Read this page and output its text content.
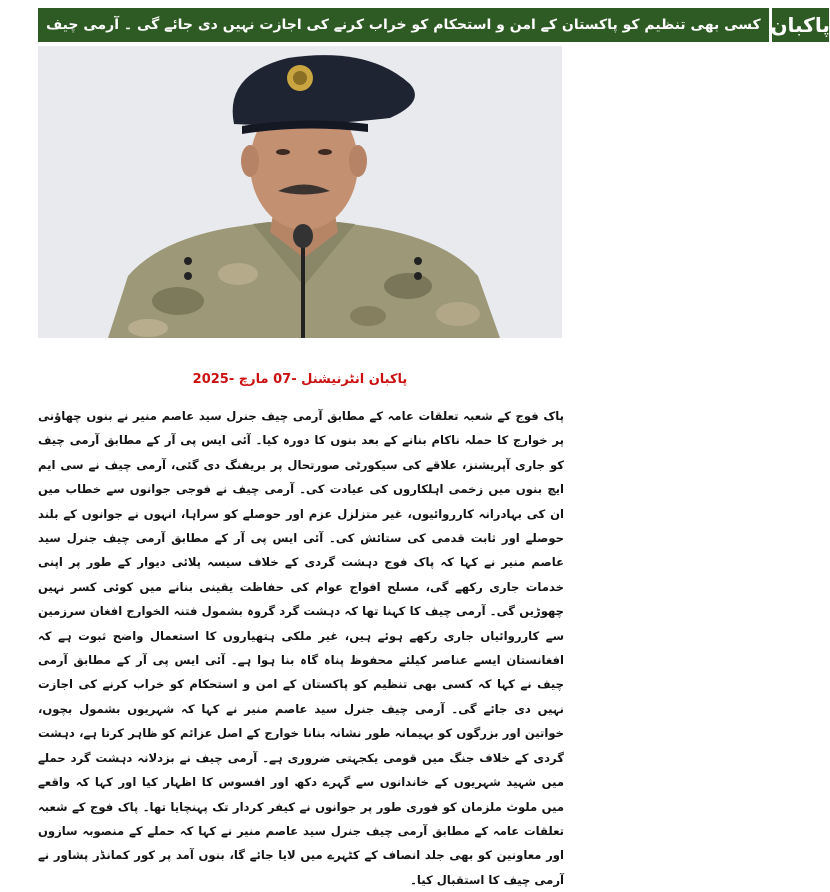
پاکبان
کسی بھی تنظیم کو پاکستان کے امن و استحکام کو خراب کرنے کی اجازت نہیں دی جائے گی ۔ آرمی چیف
پاکبان انٹرنیشنل -07 مارچ -2025
پاک فوج کے شعبہ تعلقات عامہ کے مطابق آرمی چیف جنرل سید عاصم منیر نے بنوں چھاؤنی پر خوارج کا حملہ ناکام بنانے کے بعد بنوں کا دورہ کیا۔ آئی ایس پی آر کے مطابق آرمی چیف کو جاری آپریشنز، علاقے کی سیکورٹی صورتحال پر بریفنگ دی گئی، آرمی چیف نے سی ایم ایچ بنوں میں زخمی اہلکاروں کی عیادت کی۔ آرمی چیف نے فوجی جوانوں سے خطاب میں ان کی بہادرانہ کارروائیوں، غیر متزلزل عزم اور حوصلے کو سراہا، انہوں نے جوانوں کے بلند حوصلے اور ثابت قدمی کی ستائش کی۔ آئی ایس پی آر کے مطابق آرمی چیف جنرل سید عاصم منیر نے کہا کہ پاک فوج دہشت گردی کے خلاف سیسہ پلائی دیوار کے طور پر اپنی خدمات جاری رکھے گی، مسلح افواج عوام کی حفاظت یقینی بنانے میں کوئی کسر نہیں چھوڑیں گی۔ آرمی چیف کا کہنا تھا کہ دہشت گرد گروہ بشمول فتنہ الخوارج افغان سرزمین سے کارروائیاں جاری رکھے ہوئے ہیں، غیر ملکی ہتھیاروں کا استعمال واضح ثبوت ہے کہ افغانستان ایسے عناصر کیلئے محفوظ پناہ گاہ بنا ہوا ہے۔ آئی ایس پی آر کے مطابق آرمی چیف نے کہا کہ کسی بھی تنظیم کو پاکستان کے امن و استحکام کو خراب کرنے کی اجازت نہیں دی جائے گی۔ آرمی چیف جنرل سید عاصم منیر نے کہا کہ شہریوں بشمول بچوں، خواتین اور بزرگوں کو بہیمانہ طور نشانہ بنانا خوارج کے اصل عزائم کو ظاہر کرتا ہے، دہشت گردی کے خلاف جنگ میں قومی یکجہتی ضروری ہے۔ آرمی چیف نے بزدلانہ دہشت گرد حملے میں شہید شہریوں کے خاندانوں سے گہرے دکھ اور افسوس کا اظہار کیا اور کہا کہ واقعے میں ملوث ملزمان کو فوری طور پر جوانوں نے کیفر کردار تک پہنچایا تھا۔ پاک فوج کے شعبہ تعلقات عامہ کے مطابق آرمی چیف جنرل سید عاصم منیر نے کہا کہ حملے کے منصوبہ سازوں اور معاونین کو بھی جلد انصاف کے کٹہرے میں لایا جائے گا، بنوں آمد پر کور کمانڈر پشاور نے آرمی چیف کا استقبال کیا۔
